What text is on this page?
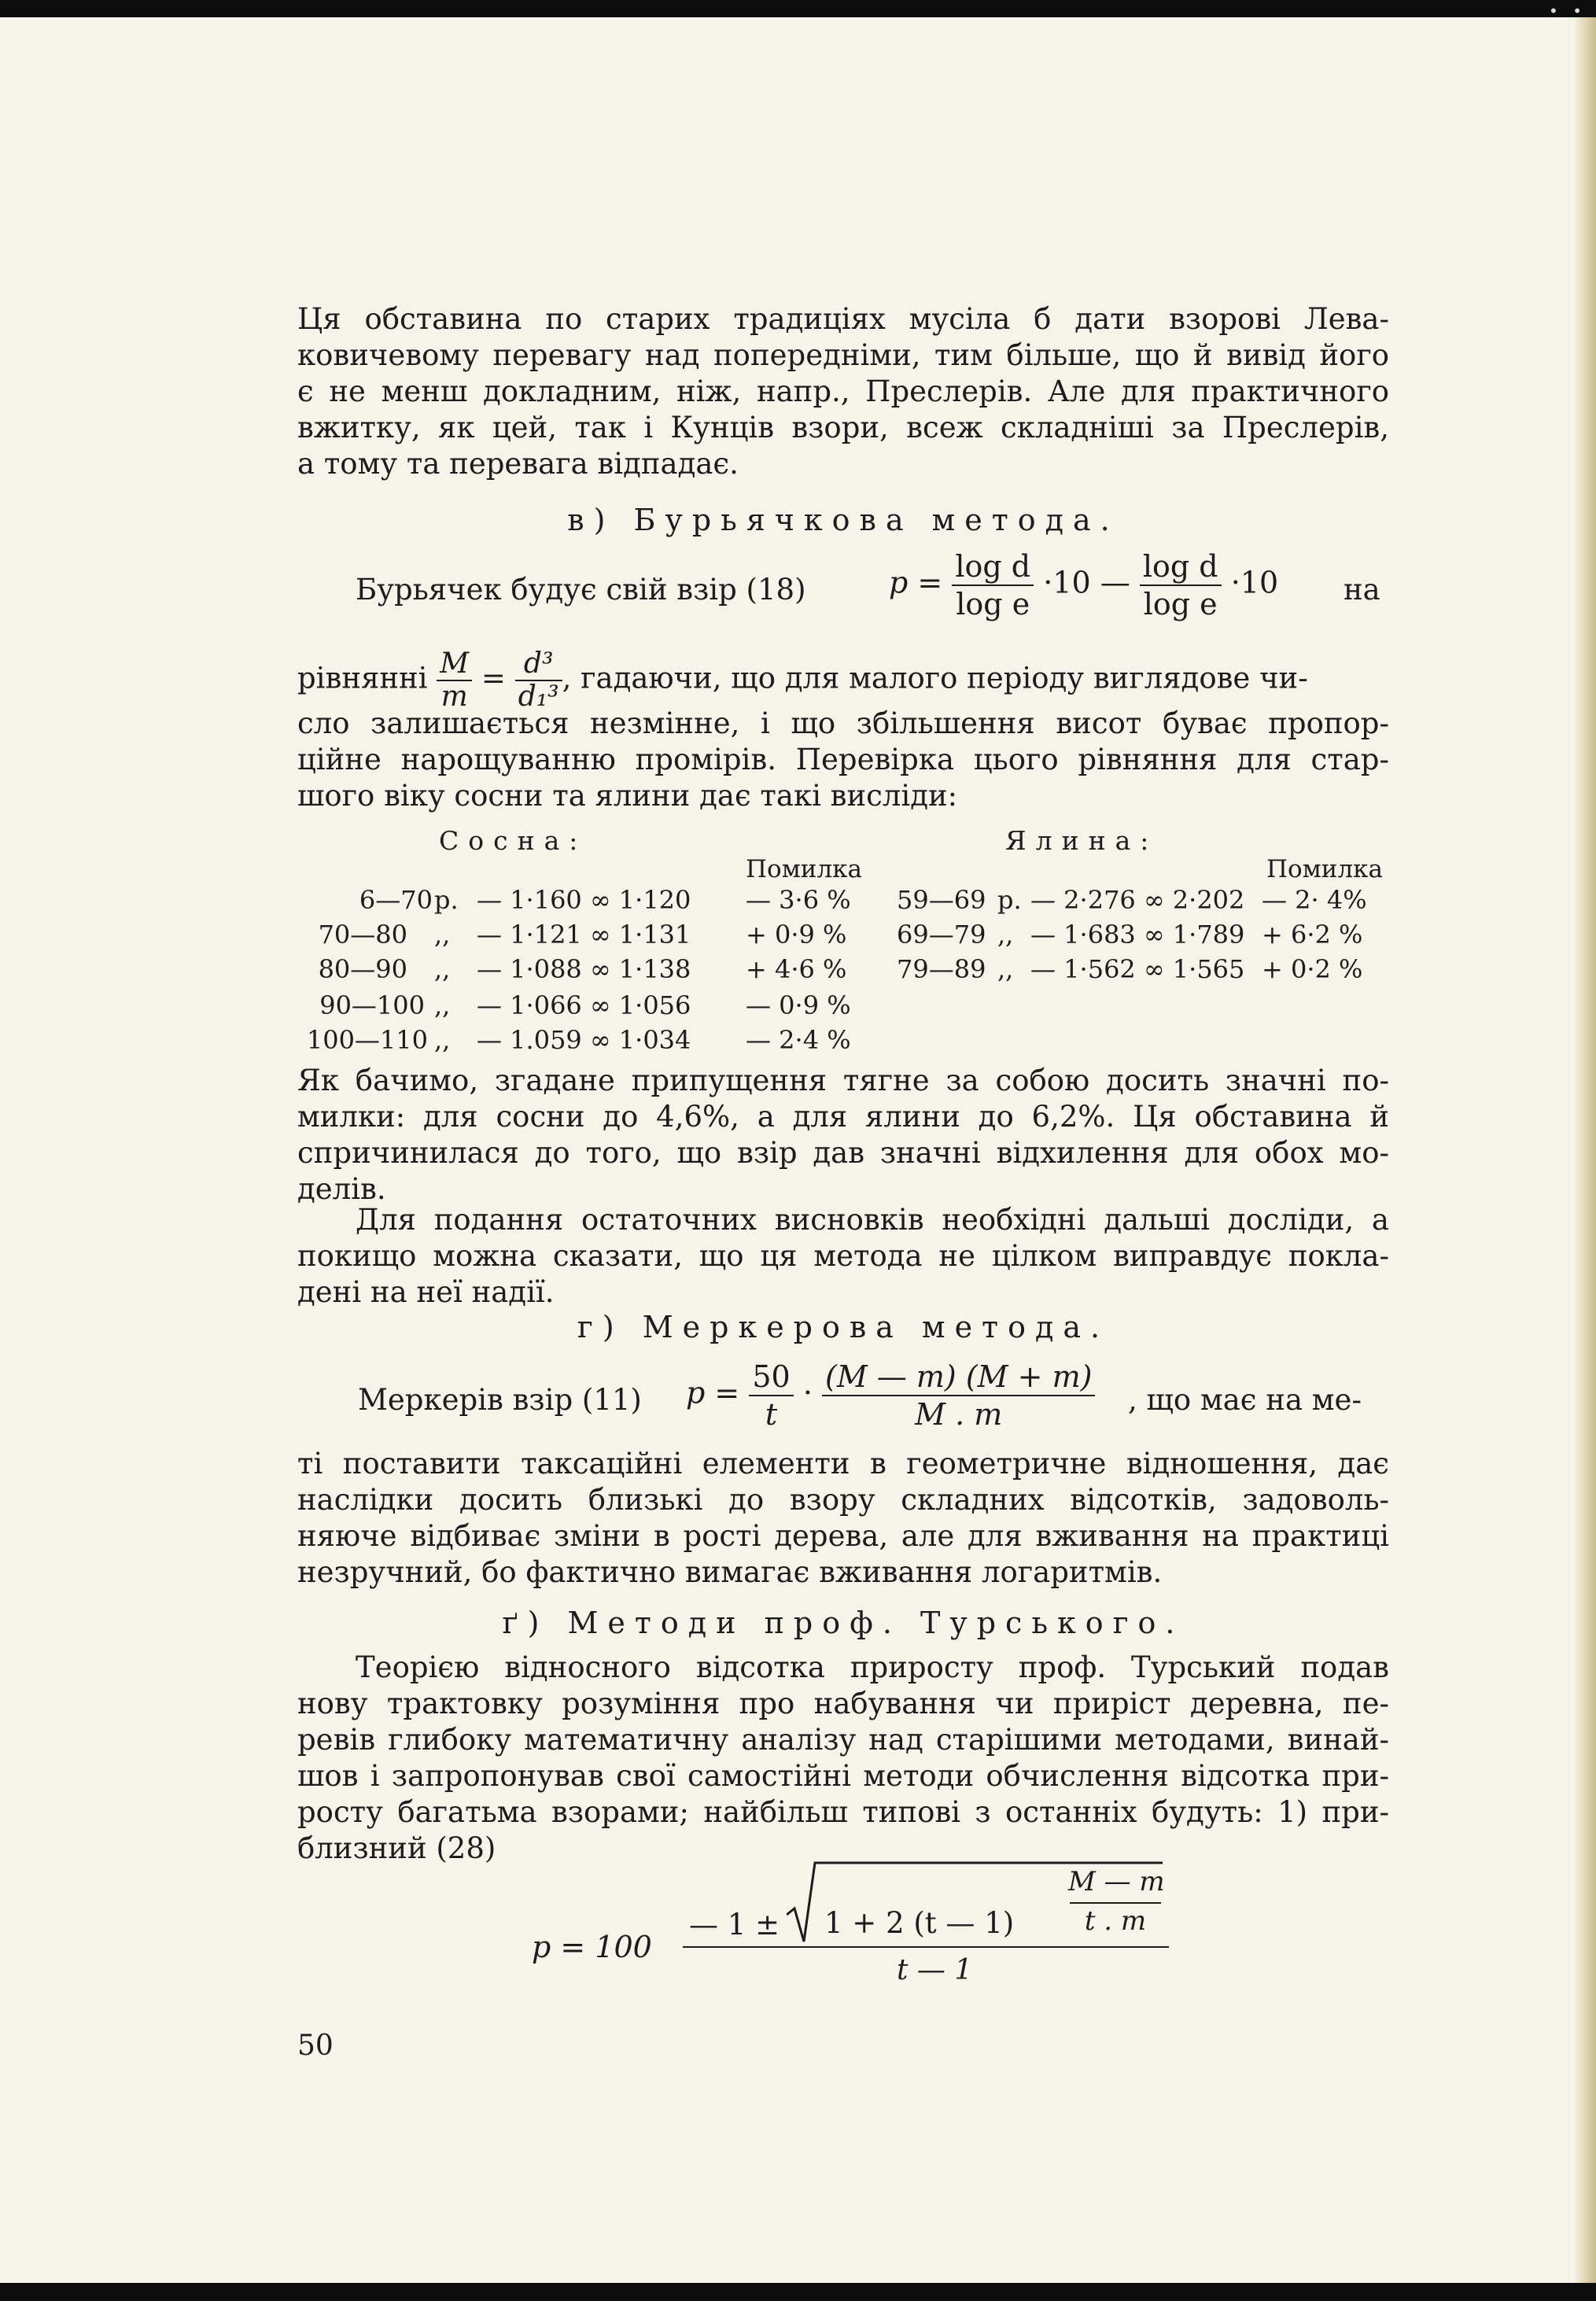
• •
Ця обставина по старих традиціях мусіла б дати взорові Лева-
ковичевому перевагу над попередніми, тим більше, що й вивід його
є не менш докладним, ніж, напр., Преслерів. Але для практичного
вжитку, як цей, так і Кунців взори, всеж складніші за Преслерів,
а тому та перевага відпадає.
в) Бурьячкова метода.
Бурьячек будує свій взір (18)	$p = \frac{\text{log d}}{\text{log e}} \cdot 10$ — $\frac{\text{log d}}{\text{log e}} \cdot 10$ на
рівнянні $\frac{M}{m} = \frac{\text{d³}}{\text{d₁³}}$ , гадаючи, що для малого періоду виглядове чи-
сло залишається незмінне, і що збільшення висот буває пропор-
ційне нарощуванню промірів. Перевірка цього рівняння для стар-
шого віку сосни та ялини дає такі висліди:
Сосна:	Ялина:
Помилка	Помилка
6—70 р. — 1·160 ∞ 1·120 — 3·6 %
70—80 ,, — 1·121 ∞ 1·131 + 0·9 %
80—90 ,, — 1·088 ∞ 1·138 + 4·6 %
90—100 ,, — 1·066 ∞ 1·056 — 0·9 %
100—110 ,, — 1.059 ∞ 1·034 — 2·4 %
59—69 р. — 2·276 ∞ 2·202 — 2· 4%
69—79 ,, — 1·683 ∞ 1·789 + 6·2 %
79—89 ,, — 1·562 ∞ 1·565 + 0·2 %
Як бачимо, згадане припущення тягне за собою досить значні по-
милки: для сосни до 4,6%, а для ялини до 6,2%. Ця обставина й
спричинилася до того, що взір дав значні відхилення для обох мо-
делів.
Для подання остаточних висновків необхідні дальші досліди, а
покищо можна сказати, що ця метода не цілком виправдує покла-
дені на неї надії.
г) Меркерова метода.
Меркерів взір (11) $p = \frac{50}{t} \cdot \frac{(M — m) (M + m)}{M . m}$ , що має на ме-
ті поставити таксаційні елементи в геометричне відношення, дає
наслідки досить близькі до взору складних відсотків, задоволь-
няюче відбиває зміни в рості дерева, але для вживання на практиці
незручний, бо фактично вимагає вживання логаритмів.
ґ) Методи проф. Турського.
Теорією відносного відсотка приросту проф. Турський подав
нову трактовку розуміння про набування чи приріст деревна, пе-
ревів глибоку математичну аналізу над старішими методами, винай-
шов і запропонував свої самостійні методи обчислення відсотка при-
росту багатьма взорами; найбільш типові з останніх будуть: 1) при-
близний (28)
p = 100
— 1 ± 1 + 2 (t — 1)
M — m
t . m
t — 1
50
